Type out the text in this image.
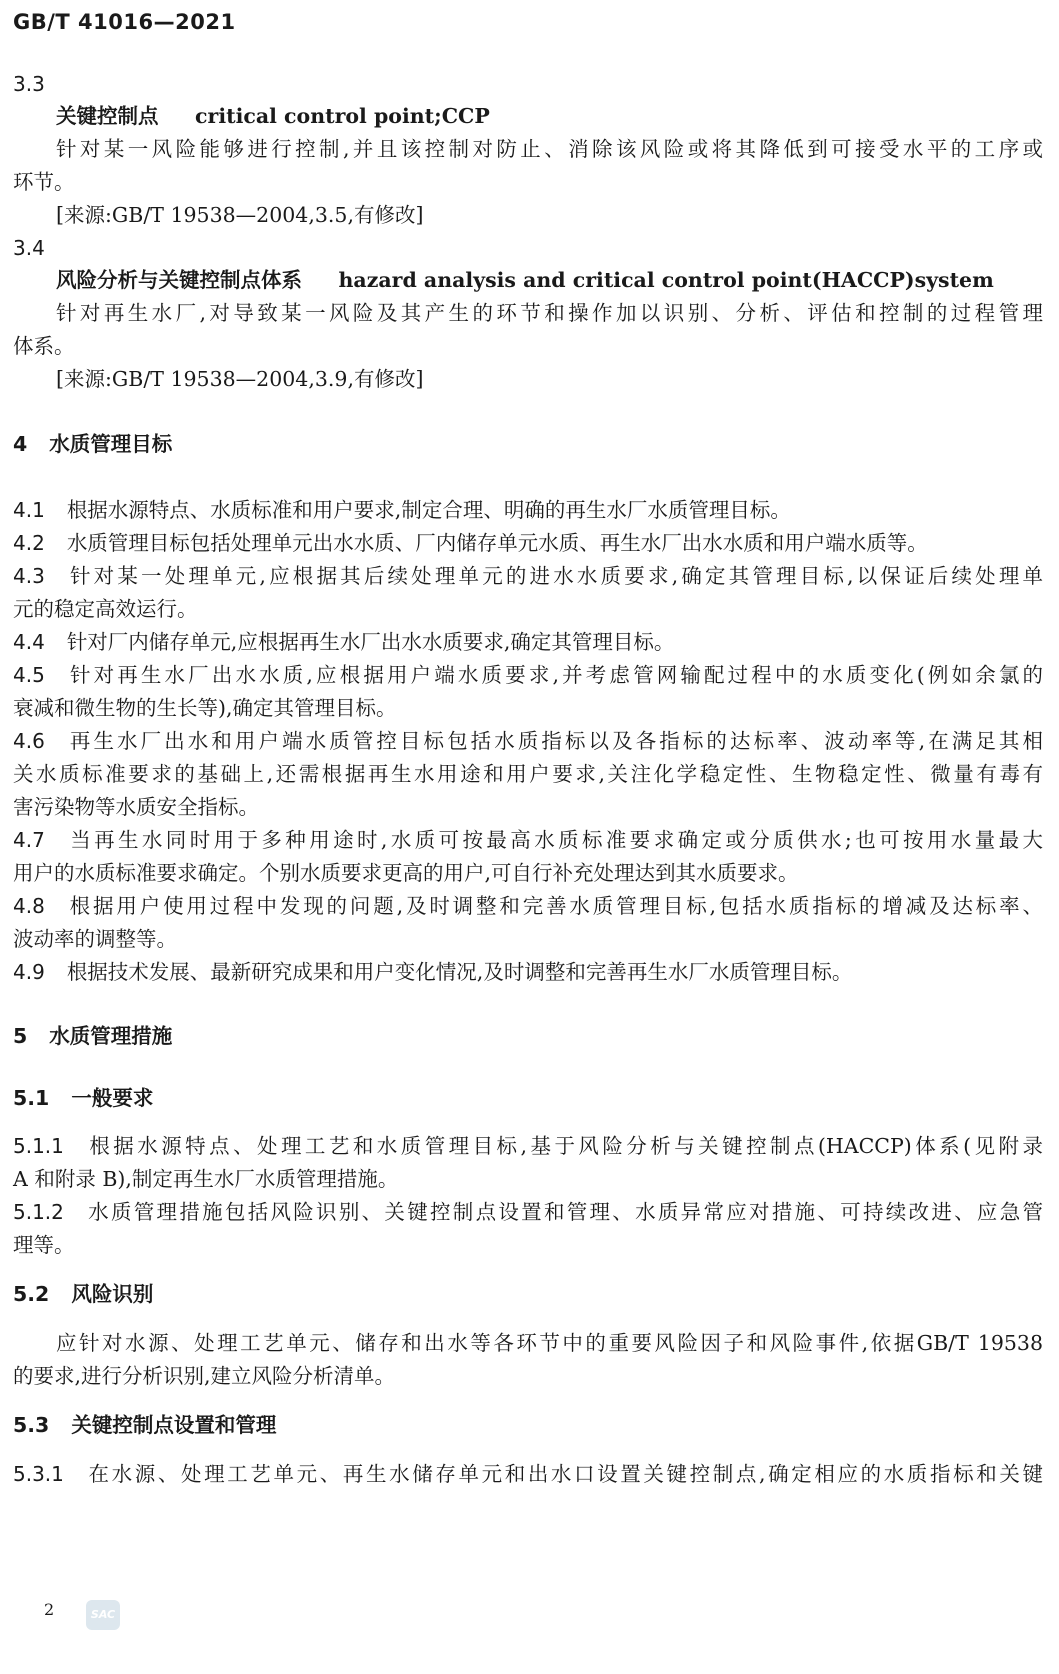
GB/T 41016—2021
3.3
关键控制点 critical control point;CCP
针对某一风险能够进行控制,并且该控制对防止、消除该风险或将其降低到可接受水平的工序或
环节。
[来源:GB/T 19538—2004,3.5,有修改]
3.4
风险分析与关键控制点体系 hazard analysis and critical control point(HACCP)system
针对再生水厂,对导致某一风险及其产生的环节和操作加以识别、分析、评估和控制的过程管理
体系。
[来源:GB/T 19538—2004,3.9,有修改]
4 水质管理目标
4.1 根据水源特点、水质标准和用户要求,制定合理、明确的再生水厂水质管理目标。
4.2 水质管理目标包括处理单元出水水质、厂内储存单元水质、再生水厂出水水质和用户端水质等。
4.3 针对某一处理单元,应根据其后续处理单元的进水水质要求,确定其管理目标,以保证后续处理单
元的稳定高效运行。
4.4 针对厂内储存单元,应根据再生水厂出水水质要求,确定其管理目标。
4.5 针对再生水厂出水水质,应根据用户端水质要求,并考虑管网输配过程中的水质变化(例如余氯的
衰减和微生物的生长等),确定其管理目标。
4.6 再生水厂出水和用户端水质管控目标包括水质指标以及各指标的达标率、波动率等,在满足其相
关水质标准要求的基础上,还需根据再生水用途和用户要求,关注化学稳定性、生物稳定性、微量有毒有
害污染物等水质安全指标。
4.7 当再生水同时用于多种用途时,水质可按最高水质标准要求确定或分质供水;也可按用水量最大
用户的水质标准要求确定。个别水质要求更高的用户,可自行补充处理达到其水质要求。
4.8 根据用户使用过程中发现的问题,及时调整和完善水质管理目标,包括水质指标的增减及达标率、
波动率的调整等。
4.9 根据技术发展、最新研究成果和用户变化情况,及时调整和完善再生水厂水质管理目标。
5 水质管理措施
5.1 一般要求
5.1.1 根据水源特点、处理工艺和水质管理目标,基于风险分析与关键控制点(HACCP)体系(见附录
A 和附录 B),制定再生水厂水质管理措施。
5.1.2 水质管理措施包括风险识别、关键控制点设置和管理、水质异常应对措施、可持续改进、应急管
理等。
5.2 风险识别
应针对水源、处理工艺单元、储存和出水等各环节中的重要风险因子和风险事件,依据GB/T 19538
的要求,进行分析识别,建立风险分析清单。
5.3 关键控制点设置和管理
5.3.1 在水源、处理工艺单元、再生水储存单元和出水口设置关键控制点,确定相应的水质指标和关键
2	SAC
